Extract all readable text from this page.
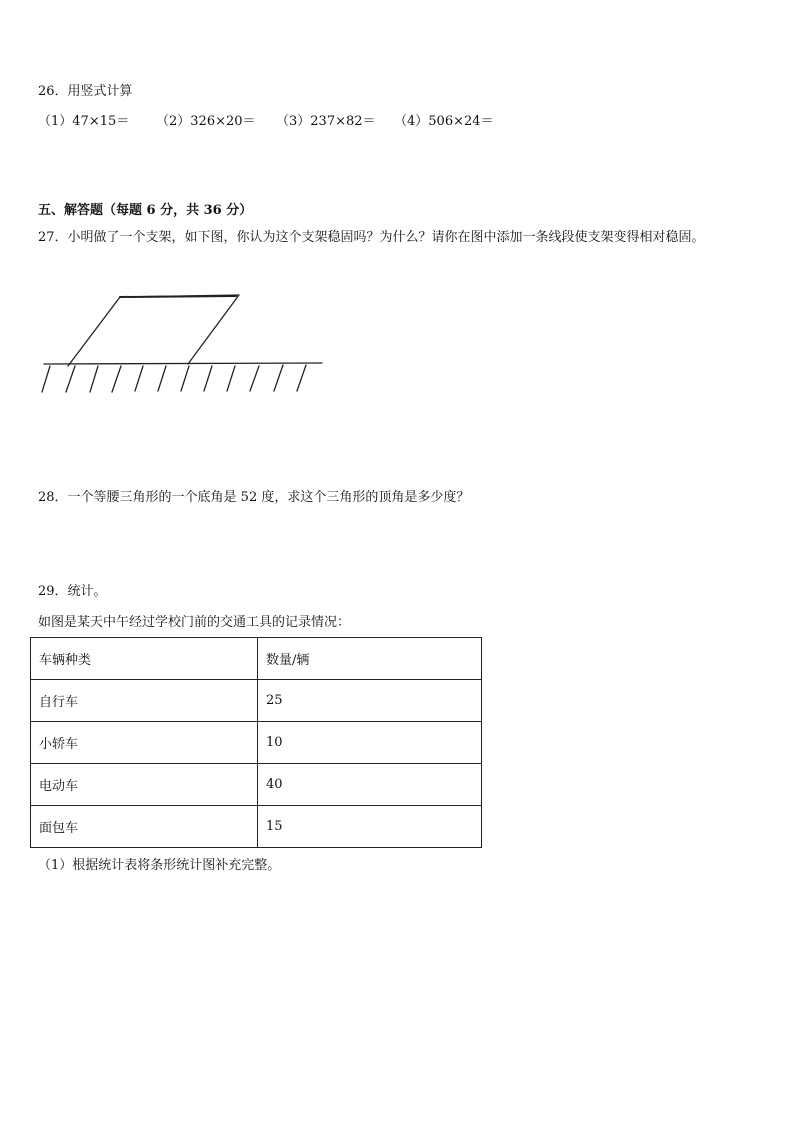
26．用竖式计算
（1）47×15＝ （2）326×20＝ （3）237×82＝ （4）506×24＝
五、解答题（每题 6 分，共 36 分）
27．小明做了一个支架，如下图，你认为这个支架稳固吗？为什么？请你在图中添加一条线段使支架变得相对稳固。
28．一个等腰三角形的一个底角是 52 度，求这个三角形的顶角是多少度？
29．统计。
如图是某天中午经过学校门前的交通工具的记录情况：
车辆种类	数量/辆
自行车	25
小轿车	10
电动车	40
面包车	15
（1）根据统计表将条形统计图补充完整。
